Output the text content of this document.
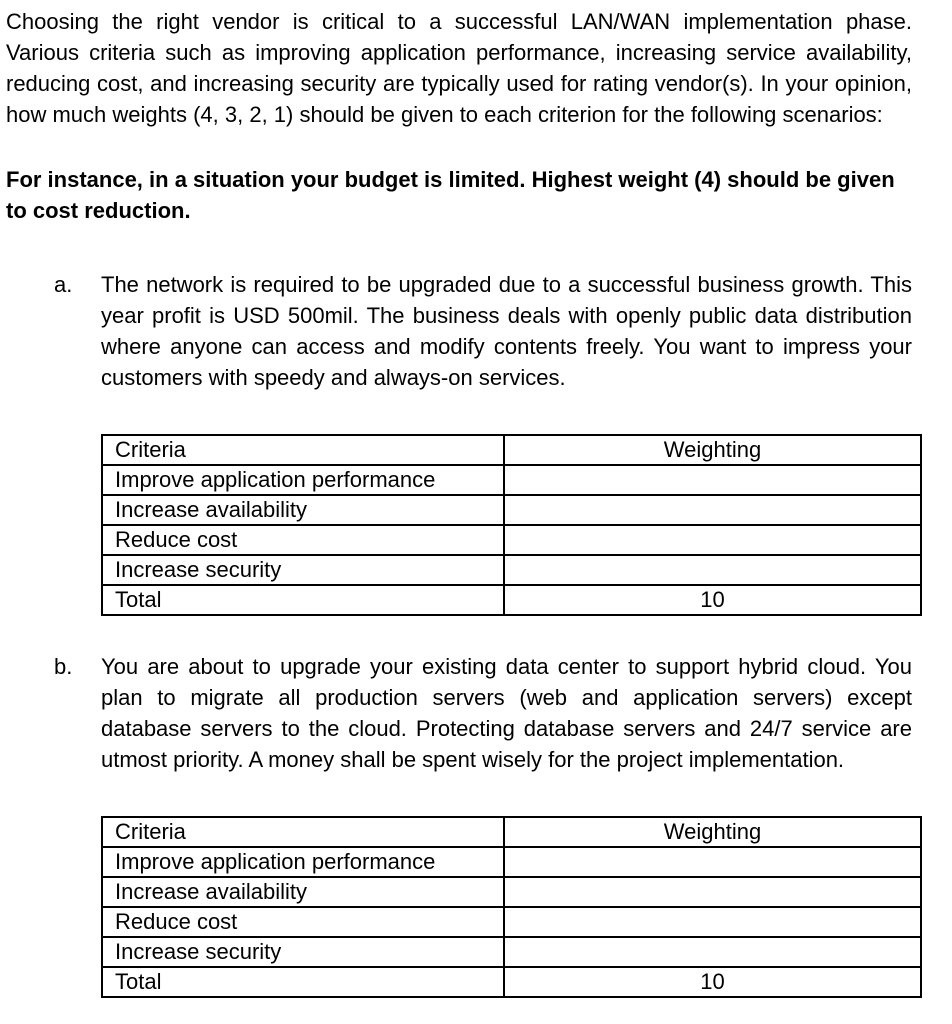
Choosing the right vendor is critical to a successful LAN/WAN implementation phase. Various criteria such as improving application performance, increasing service availability, reducing cost, and increasing security are typically used for rating vendor(s). In your opinion, how much weights (4, 3, 2, 1) should be given to each criterion for the following scenarios:

For instance, in a situation your budget is limited. Highest weight (4) should be given to cost reduction.

a. The network is required to be upgraded due to a successful business growth. This year profit is USD 500mil. The business deals with openly public data distribution where anyone can access and modify contents freely. You want to impress your customers with speedy and always-on services.

Criteria	Weighting
Improve application performance	
Increase availability	
Reduce cost	
Increase security	
Total	10
b. You are about to upgrade your existing data center to support hybrid cloud. You plan to migrate all production servers (web and application servers) except database servers to the cloud. Protecting database servers and 24/7 service are utmost priority. A money shall be spent wisely for the project implementation.

Criteria	Weighting
Improve application performance	
Increase availability	
Reduce cost	
Increase security	
Total	10
